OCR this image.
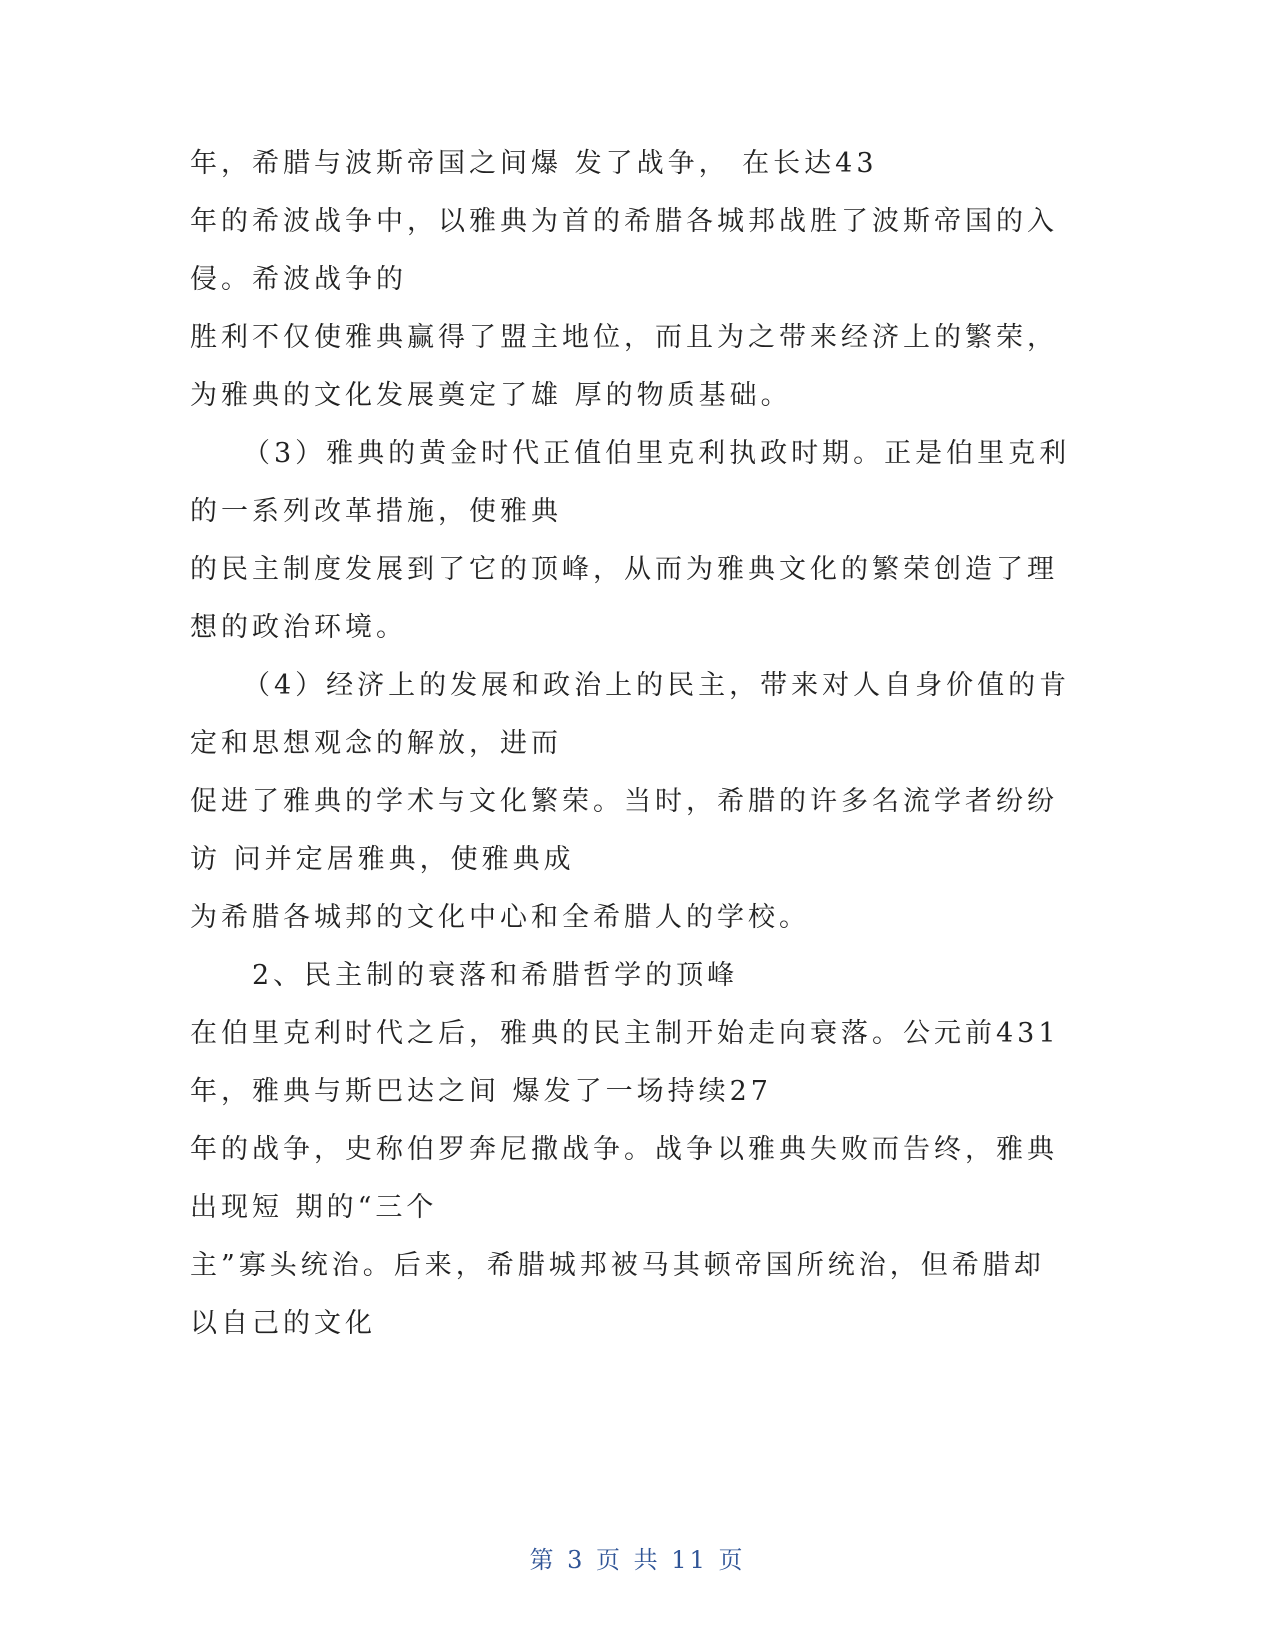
年，希腊与波斯帝国之间爆 发了战争， 在长达43
年的希波战争中，以雅典为首的希腊各城邦战胜了波斯帝国的入
侵。希波战争的
胜利不仅使雅典赢得了盟主地位，而且为之带来经济上的繁荣，
为雅典的文化发展奠定了雄 厚的物质基础。
（3）雅典的黄金时代正值伯里克利执政时期。正是伯里克利
的一系列改革措施，使雅典
的民主制度发展到了它的顶峰，从而为雅典文化的繁荣创造了理
想的政治环境。
（4）经济上的发展和政治上的民主，带来对人自身价值的肯
定和思想观念的解放，进而
促进了雅典的学术与文化繁荣。当时，希腊的许多名流学者纷纷
访 问并定居雅典，使雅典成
为希腊各城邦的文化中心和全希腊人的学校。
2、民主制的衰落和希腊哲学的顶峰
在伯里克利时代之后，雅典的民主制开始走向衰落。公元前431
年，雅典与斯巴达之间 爆发了一场持续27
年的战争，史称伯罗奔尼撒战争。战争以雅典失败而告终，雅典
出现短 期的“三个
主”寡头统治。后来，希腊城邦被马其顿帝国所统治，但希腊却
以自己的文化
第 3 页 共 11 页
